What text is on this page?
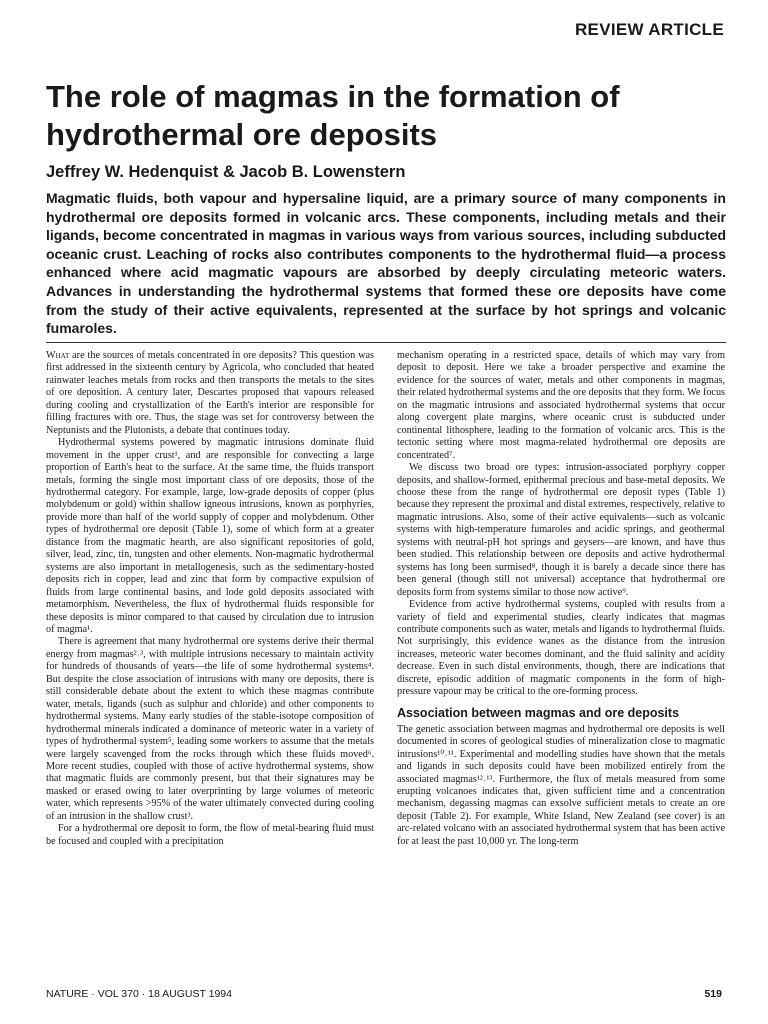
REVIEW ARTICLE
The role of magmas in the formation of hydrothermal ore deposits
Jeffrey W. Hedenquist & Jacob B. Lowenstern

Magmatic fluids, both vapour and hypersaline liquid, are a primary source of many components in hydrothermal ore deposits formed in volcanic arcs. These components, including metals and their ligands, become concentrated in magmas in various ways from various sources, including subducted oceanic crust. Leaching of rocks also contributes components to the hydrothermal fluid—a process enhanced where acid magmatic vapours are absorbed by deeply circulating meteoric waters. Advances in understanding the hydrothermal systems that formed these ore deposits have come from the study of their active equivalents, represented at the surface by hot springs and volcanic fumaroles.

What are the sources of metals concentrated in ore deposits? This question was first addressed in the sixteenth century by Agricola, who concluded that heated rainwater leaches metals from rocks and then transports the metals to the sites of ore deposition. A century later, Descartes proposed that vapours released during cooling and crystallization of the Earth's interior are responsible for filling fractures with ore. Thus, the stage was set for controversy between the Neptunists and the Plutonists, a debate that continues today.

Hydrothermal systems powered by magmatic intrusions dominate fluid movement in the upper crust¹, and are responsible for convecting a large proportion of Earth's heat to the surface. At the same time, the fluids transport metals, forming the single most important class of ore deposits, those of the hydrothermal category. For example, large, low-grade deposits of copper (plus molybdenum or gold) within shallow igneous intrusions, known as porphyries, provide more than half of the world supply of copper and molybdenum. Other types of hydrothermal ore deposit (Table 1), some of which form at a greater distance from the magmatic hearth, are also significant repositories of gold, silver, lead, zinc, tin, tungsten and other elements. Non-magmatic hydrothermal systems are also important in metallogenesis, such as the sedimentary-hosted deposits rich in copper, lead and zinc that form by compactive expulsion of fluids from large continental basins, and lode gold deposits associated with metamorphism. Nevertheless, the flux of hydrothermal fluids responsible for these deposits is minor compared to that caused by circulation due to intrusion of magma¹.

There is agreement that many hydrothermal ore systems derive their thermal energy from magmas²˒³, with multiple intrusions necessary to maintain activity for hundreds of thousands of years—the life of some hydrothermal systems⁴. But despite the close association of intrusions with many ore deposits, there is still considerable debate about the extent to which these magmas contribute water, metals, ligands (such as sulphur and chloride) and other components to hydrothermal systems. Many early studies of the stable-isotope composition of hydrothermal minerals indicated a dominance of meteoric water in a variety of types of hydrothermal system⁵, leading some workers to assume that the metals were largely scavenged from the rocks through which these fluids moved⁶. More recent studies, coupled with those of active hydrothermal systems, show that magmatic fluids are commonly present, but that their signatures may be masked or erased owing to later overprinting by large volumes of meteoric water, which represents >95% of the water ultimately convected during cooling of an intrusion in the shallow crust³.

For a hydrothermal ore deposit to form, the flow of metal-bearing fluid must be focused and coupled with a precipitation

mechanism operating in a restricted space, details of which may vary from deposit to deposit. Here we take a broader perspective and examine the evidence for the sources of water, metals and other components in magmas, their related hydrothermal systems and the ore deposits that they form. We focus on the magmatic intrusions and associated hydrothermal systems that occur along covergent plate margins, where oceanic crust is subducted under continental lithosphere, leading to the formation of volcanic arcs. This is the tectonic setting where most magma-related hydrothermal ore deposits are concentrated⁷.

We discuss two broad ore types: intrusion-associated porphyry copper deposits, and shallow-formed, epithermal precious and base-metal deposits. We choose these from the range of hydrothermal ore deposit types (Table 1) because they represent the proximal and distal extremes, respectively, relative to magmatic intrusions. Also, some of their active equivalents—such as volcanic systems with high-temperature fumaroles and acidic springs, and geothermal systems with neutral-pH hot springs and geysers—are known, and have thus been studied. This relationship between ore deposits and active hydrothermal systems has long been surmised⁸, though it is barely a decade since there has been general (though still not universal) acceptance that hydrothermal ore deposits form from systems similar to those now active⁹.

Evidence from active hydrothermal systems, coupled with results from a variety of field and experimental studies, clearly indicates that magmas contribute components such as water, metals and ligands to hydrothermal fluids. Not surprisingly, this evidence wanes as the distance from the intrusion increases, meteoric water becomes dominant, and the fluid salinity and acidity decrease. Even in such distal environments, though, there are indications that discrete, episodic addition of magmatic components in the form of high-pressure vapour may be critical to the ore-forming process.

Association between magmas and ore deposits

The genetic association between magmas and hydrothermal ore deposits is well documented in scores of geological studies of mineralization close to magmatic intrusions¹⁰˒¹¹. Experimental and modelling studies have shown that the metals and ligands in such deposits could have been mobilized entirely from the associated magmas¹²˒¹³. Furthermore, the flux of metals measured from some erupting volcanoes indicates that, given sufficient time and a concentration mechanism, degassing magmas can exsolve sufficient metals to create an ore deposit (Table 2). For example, White Island, New Zealand (see cover) is an arc-related volcano with an associated hydrothermal system that has been active for at least the past 10,000 yr. The long-term

NATURE · VOL 370 · 18 AUGUST 1994	519
